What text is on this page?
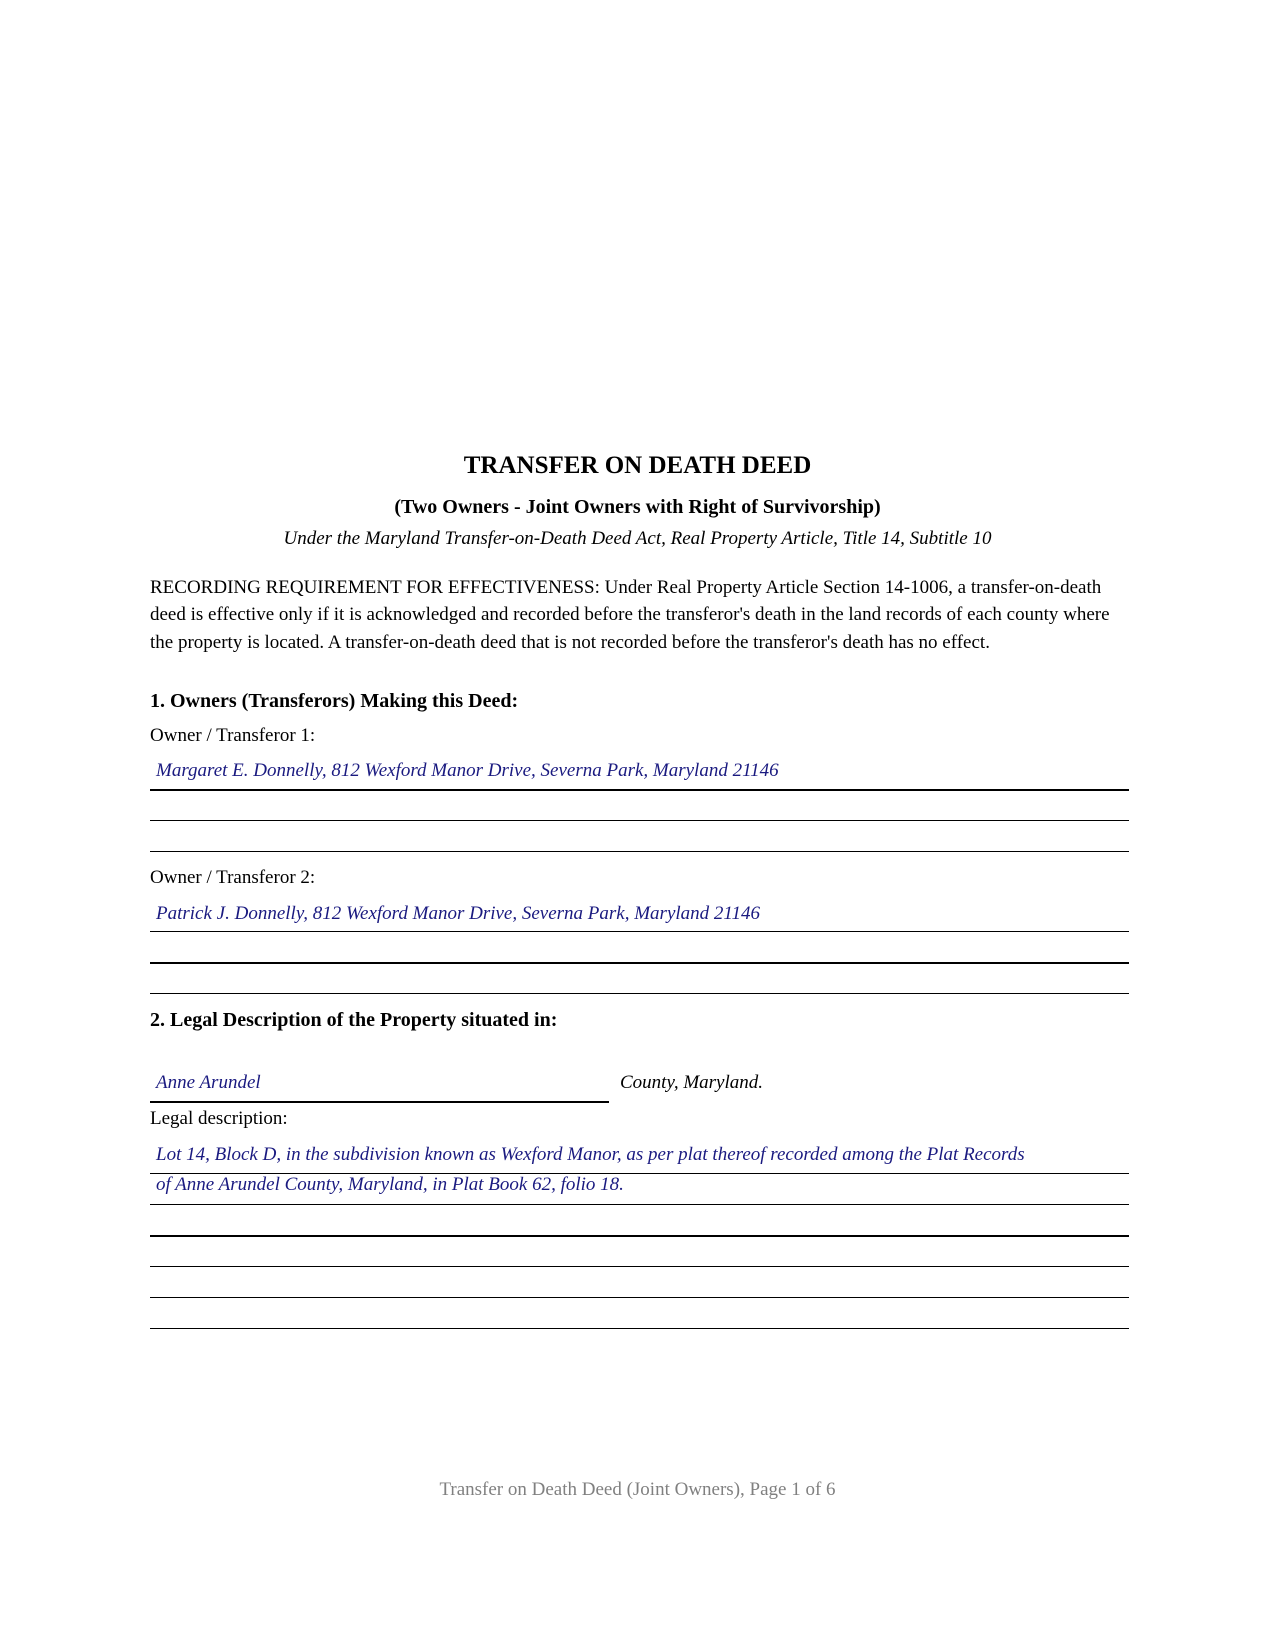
TRANSFER ON DEATH DEED
(Two Owners - Joint Owners with Right of Survivorship)
Under the Maryland Transfer-on-Death Deed Act, Real Property Article, Title 14, Subtitle 10
RECORDING REQUIREMENT FOR EFFECTIVENESS: Under Real Property Article Section 14-1006, a transfer-on-death deed is effective only if it is acknowledged and recorded before the transferor's death in the land records of each county where the property is located. A transfer-on-death deed that is not recorded before the transferor's death has no effect.
1. Owners (Transferors) Making this Deed:
Owner / Transferor 1:
Margaret E. Donnelly, 812 Wexford Manor Drive, Severna Park, Maryland 21146
Owner / Transferor 2:
Patrick J. Donnelly, 812 Wexford Manor Drive, Severna Park, Maryland 21146
2. Legal Description of the Property situated in:
Anne Arundel	County, Maryland.
Legal description:
Lot 14, Block D, in the subdivision known as Wexford Manor, as per plat thereof recorded among the Plat Records
of Anne Arundel County, Maryland, in Plat Book 62, folio 18.
Transfer on Death Deed (Joint Owners), Page 1 of 6
